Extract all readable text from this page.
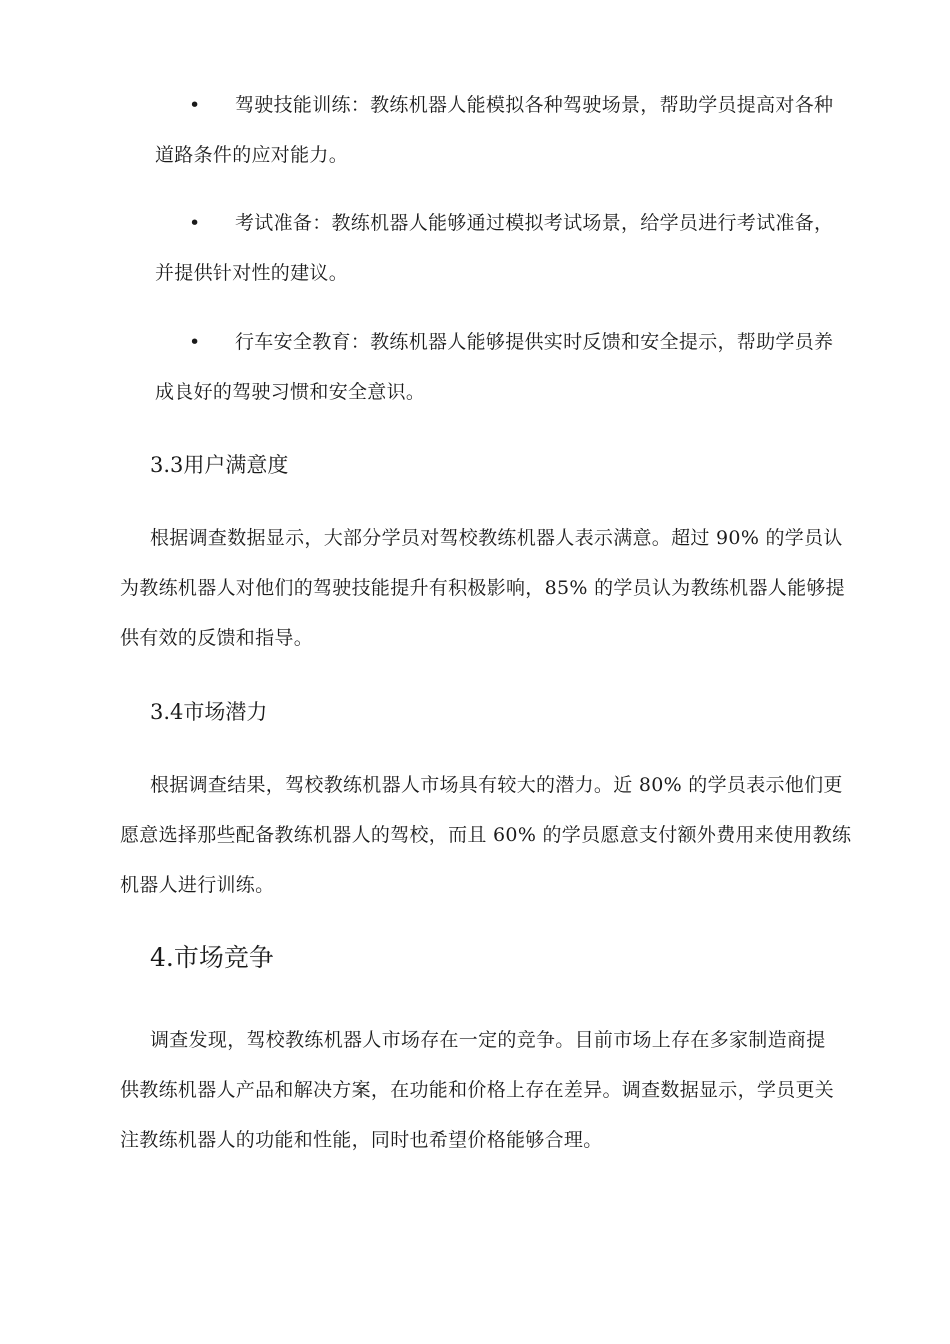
• 驾驶技能训练：教练机器人能模拟各种驾驶场景，帮助学员提高对各种
道路条件的应对能力。
• 考试准备：教练机器人能够通过模拟考试场景，给学员进行考试准备，
并提供针对性的建议。
• 行车安全教育：教练机器人能够提供实时反馈和安全提示，帮助学员养
成良好的驾驶习惯和安全意识。
3.3用户满意度
根据调查数据显示，大部分学员对驾校教练机器人表示满意。超过 90% 的学员认
为教练机器人对他们的驾驶技能提升有积极影响，85% 的学员认为教练机器人能够提
供有效的反馈和指导。
3.4市场潜力
根据调查结果，驾校教练机器人市场具有较大的潜力。近 80% 的学员表示他们更
愿意选择那些配备教练机器人的驾校，而且 60% 的学员愿意支付额外费用来使用教练
机器人进行训练。
4.市场竞争
调查发现，驾校教练机器人市场存在一定的竞争。目前市场上存在多家制造商提
供教练机器人产品和解决方案，在功能和价格上存在差异。调查数据显示，学员更关
注教练机器人的功能和性能，同时也希望价格能够合理。
